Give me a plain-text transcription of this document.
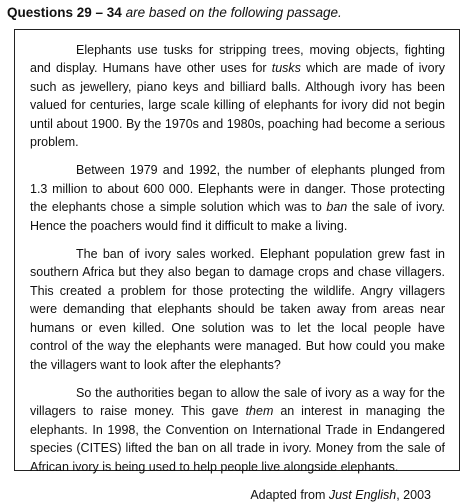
Questions 29 – 34 are based on the following passage.

Elephants use tusks for stripping trees, moving objects, fighting and display. Humans have other uses for tusks which are made of ivory such as jewellery, piano keys and billiard balls. Although ivory has been valued for centuries, large scale killing of elephants for ivory did not begin until about 1900. By the 1970s and 1980s, poaching had become a serious problem.

Between 1979 and 1992, the number of elephants plunged from 1.3 million to about 600 000. Elephants were in danger. Those protecting the elephants chose a simple solution which was to ban the sale of ivory. Hence the poachers would find it difficult to make a living.

The ban of ivory sales worked. Elephant population grew fast in southern Africa but they also began to damage crops and chase villagers. This created a problem for those protecting the wildlife. Angry villagers were demanding that elephants should be taken away from areas near humans or even killed. One solution was to let the local people have control of the way the elephants were managed. But how could you make the villagers want to look after the elephants?

So the authorities began to allow the sale of ivory as a way for the villagers to raise money. This gave them an interest in managing the elephants. In 1998, the Convention on International Trade in Endangered species (CITES) lifted the ban on all trade in ivory. Money from the sale of African ivory is being used to help people live alongside elephants.

Adapted from Just English, 2003
